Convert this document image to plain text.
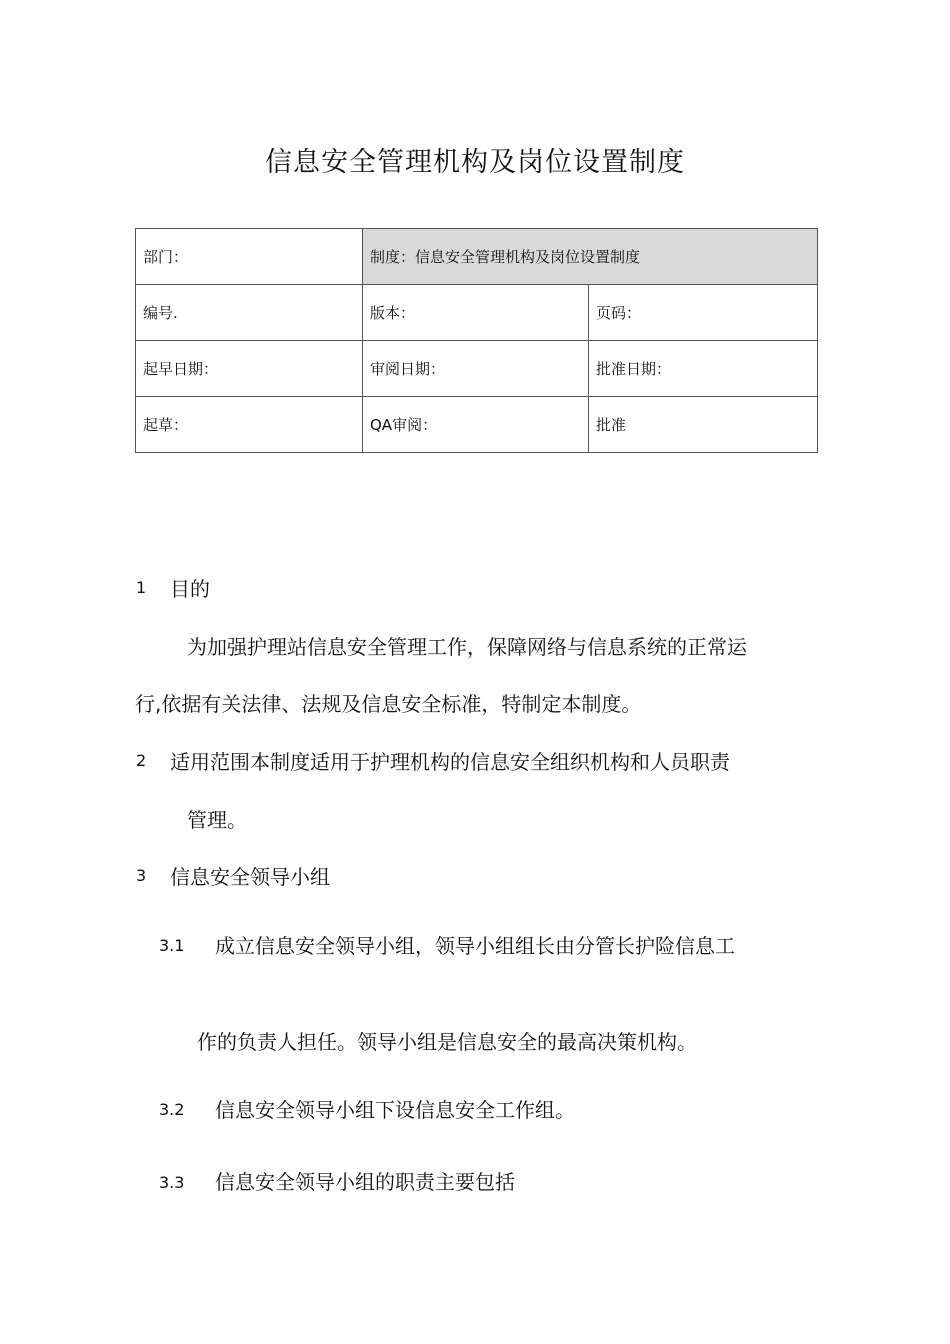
信息安全管理机构及岗位设置制度
部门：	制度：信息安全管理机构及岗位设置制度	
编号.	版本：	页码：
起早日期：	审阅日期：	批准日期：
起草：	QA审阅：	批准
1 目的
为加强护理站信息安全管理工作，保障网络与信息系统的正常运
行,依据有关法律、法规及信息安全标准，特制定本制度。
2 适用范围本制度适用于护理机构的信息安全组织机构和人员职责
管理。
3 信息安全领导小组
3.1 成立信息安全领导小组，领导小组组长由分管长护险信息工
作的负责人担任。领导小组是信息安全的最高决策机构。
3.2 信息安全领导小组下设信息安全工作组。
3.3 信息安全领导小组的职责主要包括
